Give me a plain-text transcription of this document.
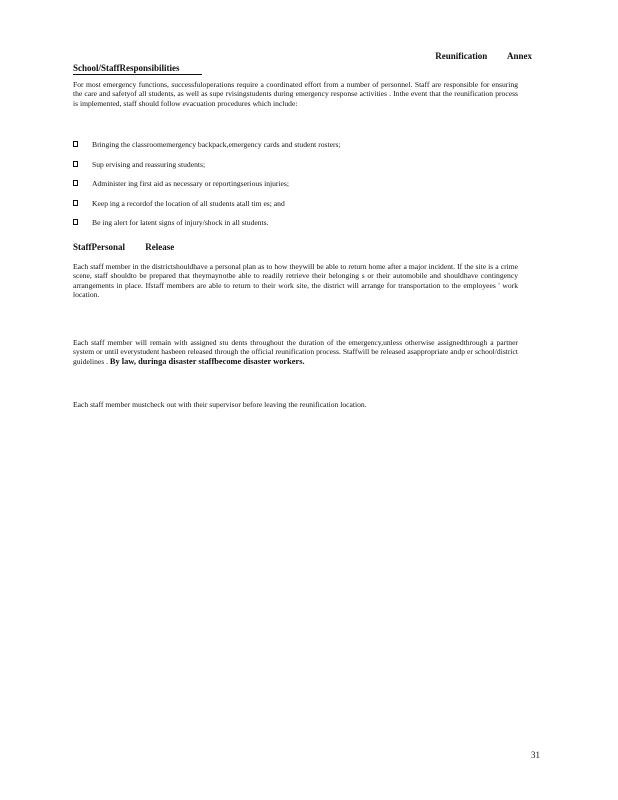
Reunification Annex
School/StaffResponsibilities
For most emergency functions, successfuloperations require a coordinated effort from a number of personnel. Staff are responsible for ensuring the care and safetyof all students, as well as supe rvisingstudents during emergency response activities . Inthe event that the reunification process is implemented, staff should follow evacuation procedures which include:
Bringing the classroomemergency backpack,emergency cards and student rosters;
Sup ervising and reassuring students;
Administer ing first aid as necessary or reportingserious injuries;
Keep ing a recordof the location of all students atall tim es; and
Be ing alert for latent signs of injury/shock in all students.
StaffPersonal Release
Each staff member in the districtshouldhave a personal plan as to how theywill be able to return home after a major incident. If the site is a crime scene, staff shouldto be prepared that theymaynotbe able to readily retrieve their belonging s or their automobile and shouldhave contingency arrangements in place. Ifstaff members are able to return to their work site, the district will arrange for transportation to the employees ' work location.
Each staff member will remain with assigned stu dents throughout the duration of the emergency,unless otherwise assignedthrough a partner system or until everystudent hasbeen released through the official reunification process. Staffwill be released asappropriate andp er school/district guidelines . By law, duringa disaster staffbecome disaster workers.
Each staff member mustcheck out with their supervisor before leaving the reunification location.
31
